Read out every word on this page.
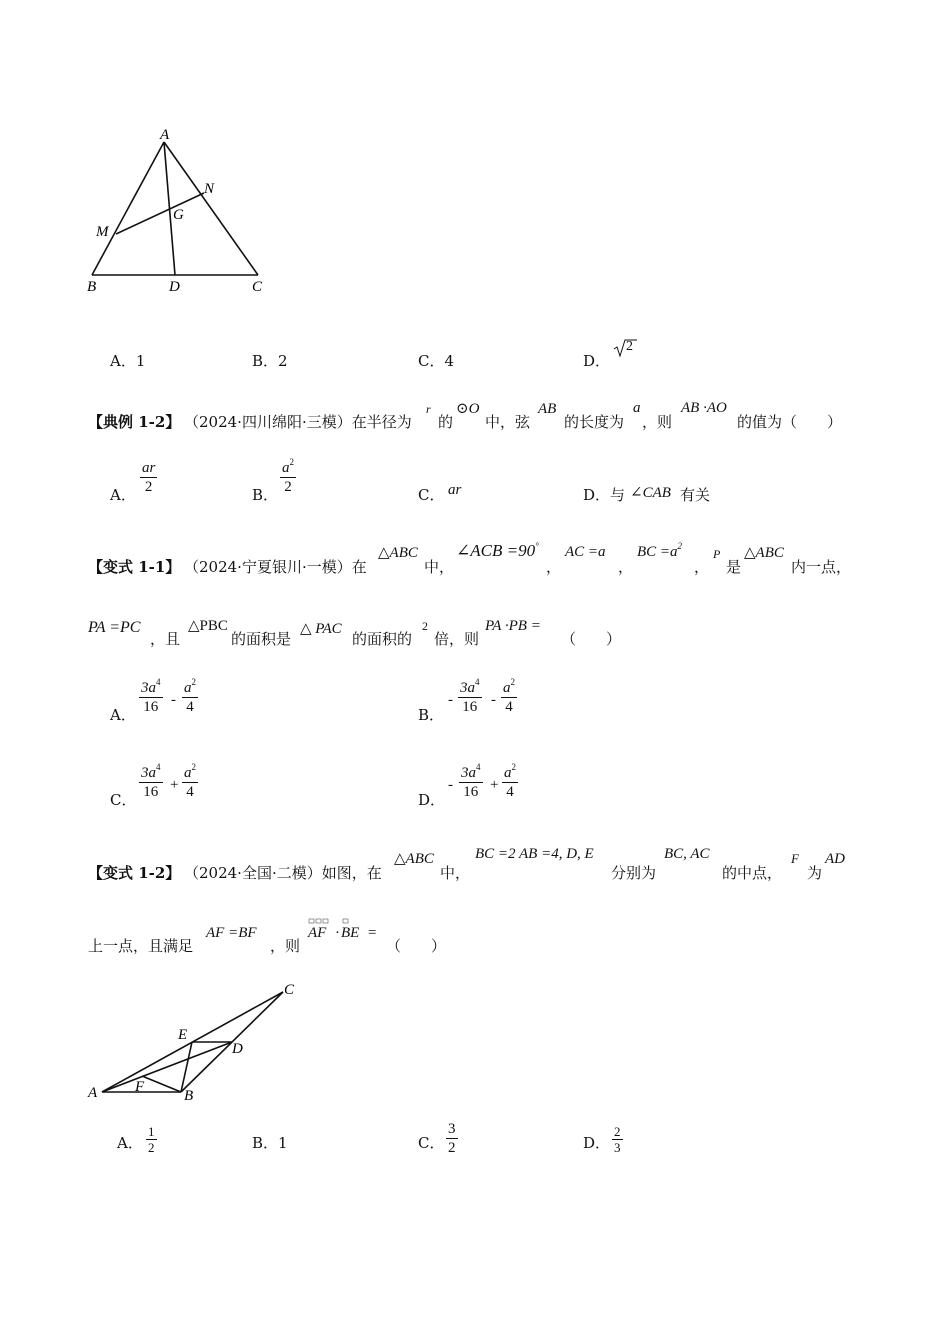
A
N
M
G
B	D	C
A．1	B．2	C．4	D．
2
【典例 1-2】 （2024·四川绵阳·三模）在半径为
r
的
⊙O
中，弦
AB
的长度为
a
，则
AB ·AO
的值为（　　）
A． $\frac{ar}{2}$	B． $\frac{a^2}{2}$	C． ar	D．与 ∠CAB 有关
【变式 1-1】 （2024·宁夏银川·一模）在
△ABC
中，
∠ACB =90°
，
AC =a
，
BC $=a^2$
，
P
是
△ABC
内一点，
PA =PC
，且
△PBC
的面积是
△ PAC
的面积的
2
倍，则
PA ·PB =
（　　）
A． $\frac{3a^4}{16} - \frac{a^2}{4}$	B．
- $\frac{3a^4}{16} - \frac{a^2}{4}$
C． $\frac{3a^4}{16} + \frac{a^2}{4}$	D．
- $\frac{3a^4}{16} + \frac{a^2}{4}$
【变式 1-2】 （2024·全国·二模）如图，在
△ABC
中，
BC =2 AB =4, D, E
分别为
BC, AC
的中点，
F
为
AD
上一点，且满足
AF =BF
，则
AF · BE =
（　　）
C
E
D
F
A	B
A． $\frac{1}{2}$	B．1	C． $\frac{3}{2}$	D． $\frac{2}{3}$
